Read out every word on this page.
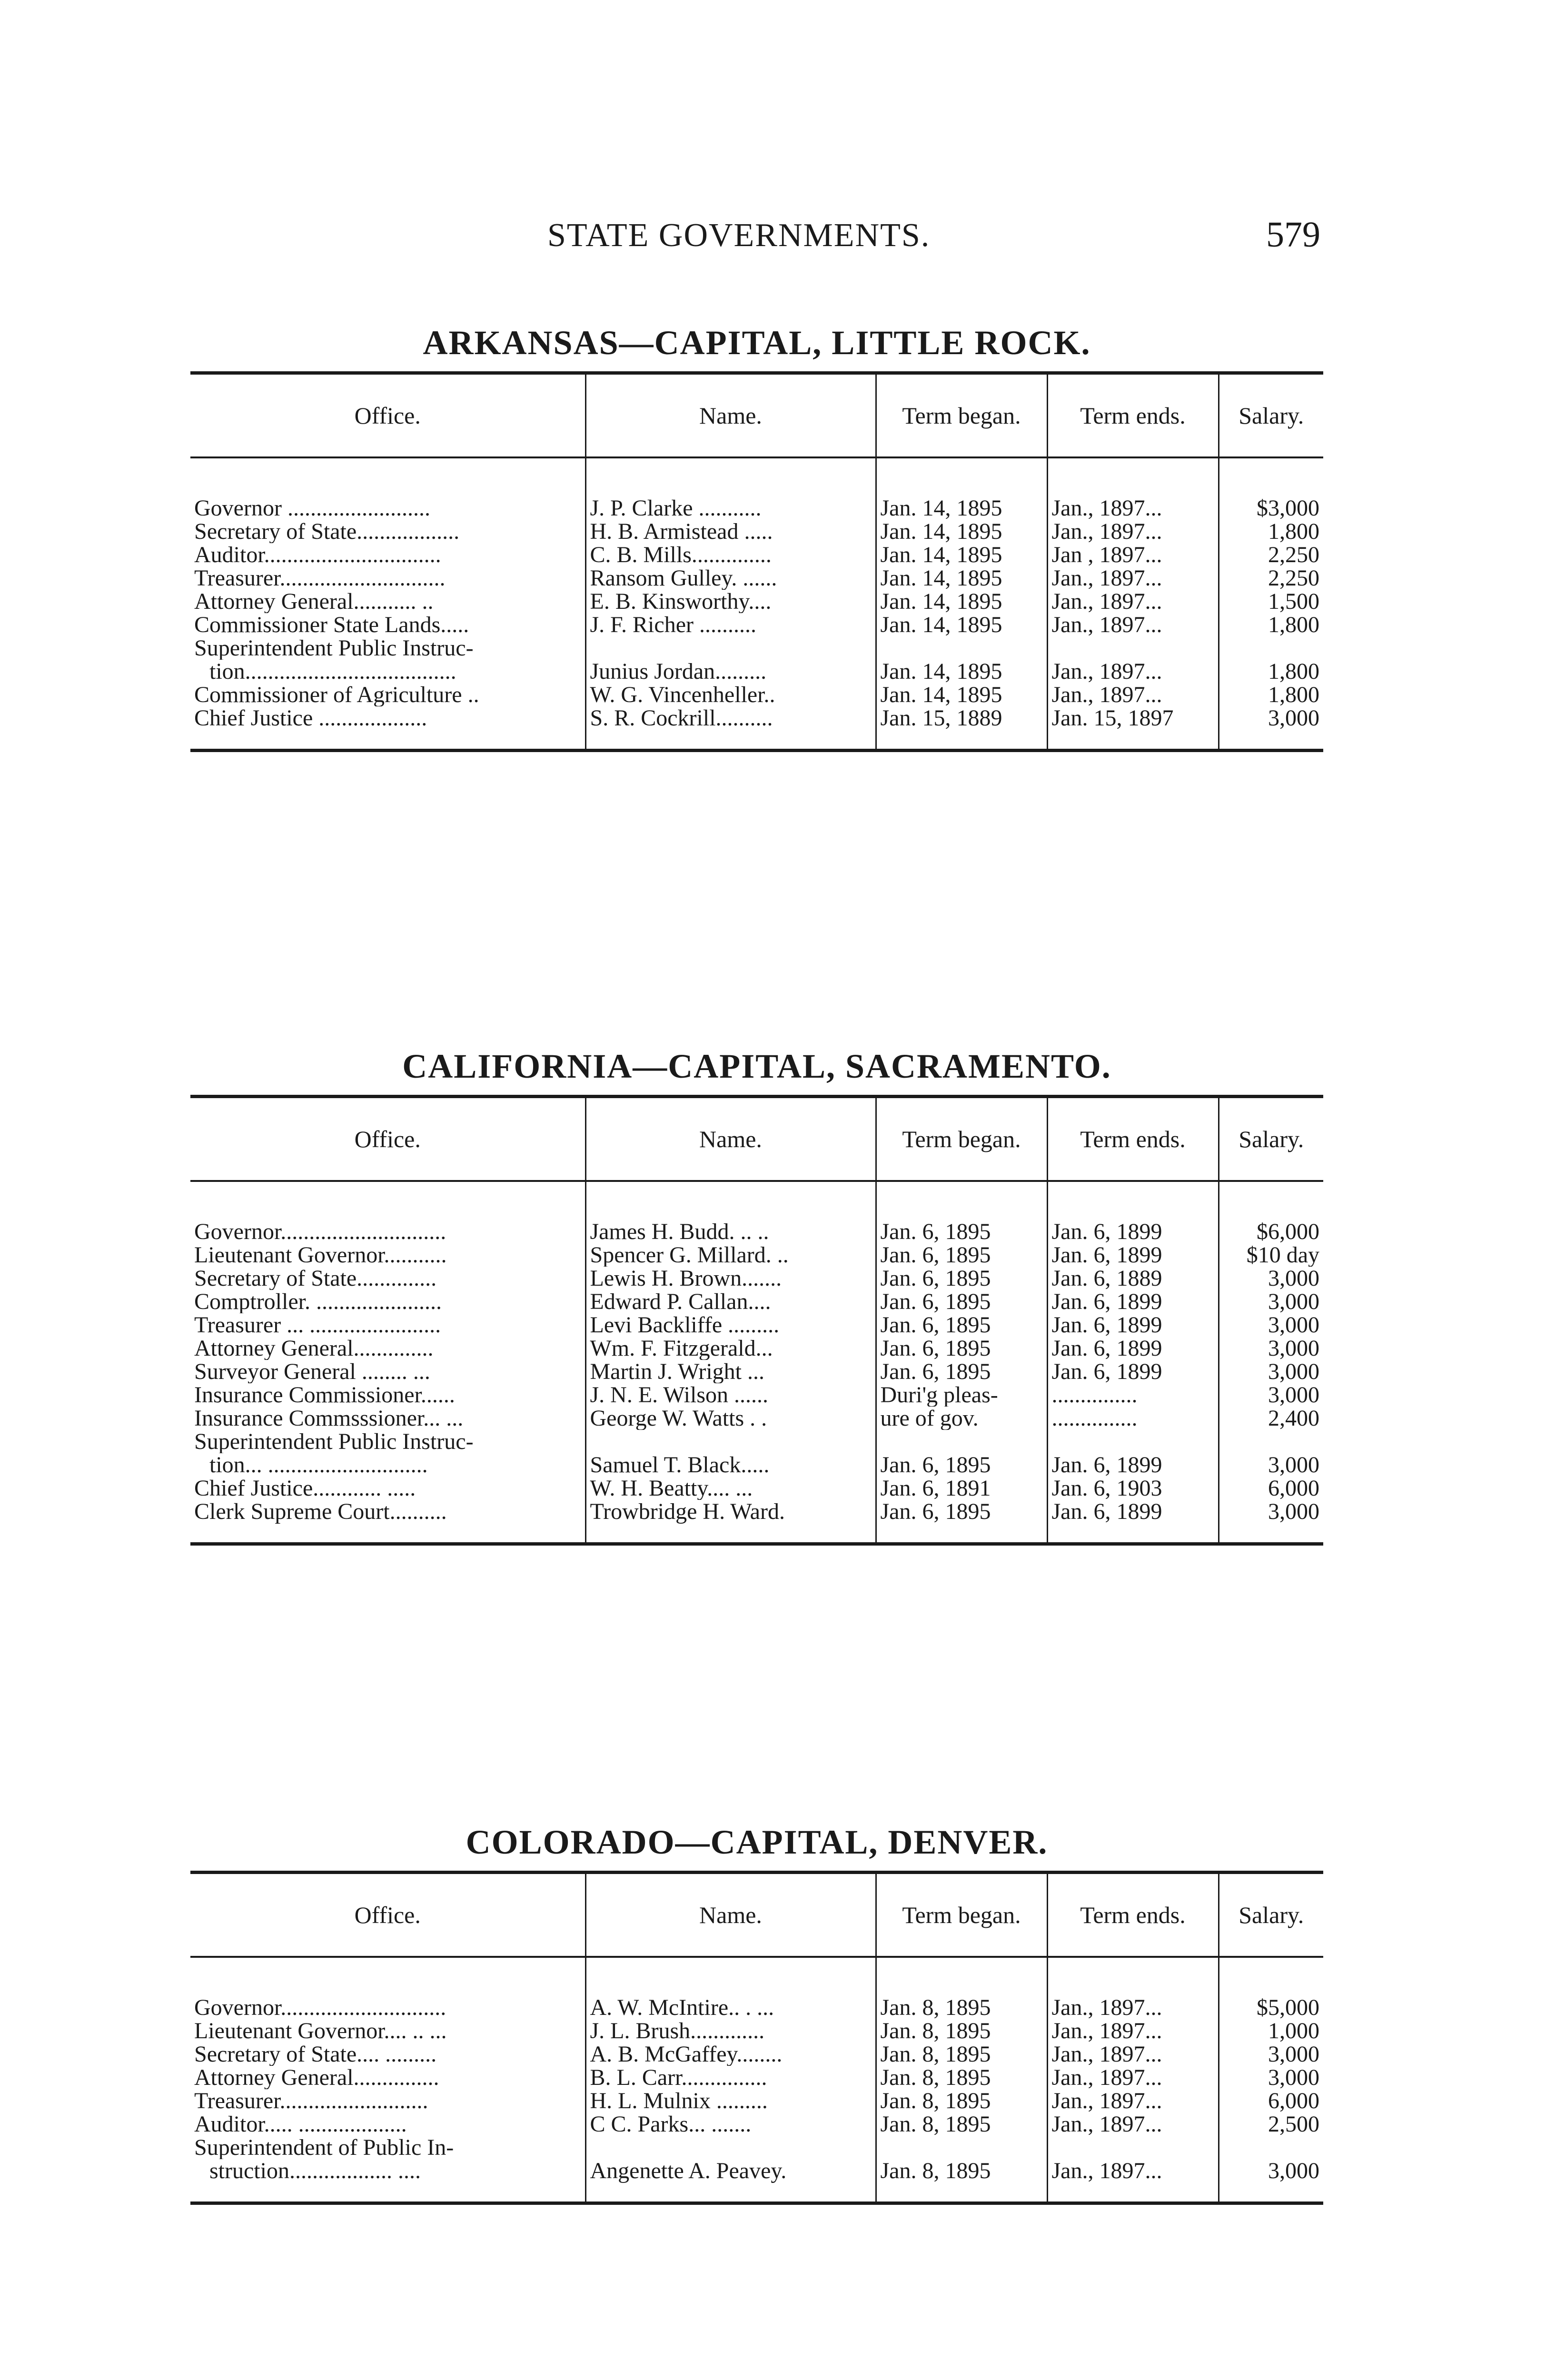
STATE GOVERNMENTS.	579
ARKANSAS—CAPITAL, LITTLE ROCK.
Office.	Name.	Term began.	Term ends.	Salary.

Governor .........................	J. P. Clarke ...........	Jan. 14, 1895	Jan., 1897...	$3,000
Secretary of State..................	H. B. Armistead .....	Jan. 14, 1895	Jan., 1897...	1,800
Auditor...............................	C. B. Mills..............	Jan. 14, 1895	Jan , 1897...	2,250
Treasurer.............................	Ransom Gulley. ......	Jan. 14, 1895	Jan., 1897...	2,250
Attorney General........... ..	E. B. Kinsworthy....	Jan. 14, 1895	Jan., 1897...	1,500
Commissioner State Lands.....	J. F. Richer ..........	Jan. 14, 1895	Jan., 1897...	1,800
Superintendent Public Instruc-				
tion.....................................	Junius Jordan.........	Jan. 14, 1895	Jan., 1897...	1,800
Commissioner of Agriculture ..	W. G. Vincenheller..	Jan. 14, 1895	Jan., 1897...	1,800
Chief Justice ...................	S. R. Cockrill..........	Jan. 15, 1889	Jan. 15, 1897	3,000
CALIFORNIA—CAPITAL, SACRAMENTO.
Office.	Name.	Term began.	Term ends.	Salary.

Governor.............................	James H. Budd. .. ..	Jan. 6, 1895	Jan. 6, 1899	$6,000
Lieutenant Governor...........	Spencer G. Millard. ..	Jan. 6, 1895	Jan. 6, 1899	$10 day
Secretary of State..............	Lewis H. Brown.......	Jan. 6, 1895	Jan. 6, 1889	3,000
Comptroller. ......................	Edward P. Callan....	Jan. 6, 1895	Jan. 6, 1899	3,000
Treasurer ... .......................	Levi Backliffe .........	Jan. 6, 1895	Jan. 6, 1899	3,000
Attorney General..............	Wm. F. Fitzgerald...	Jan. 6, 1895	Jan. 6, 1899	3,000
Surveyor General ........ ...	Martin J. Wright ...	Jan. 6, 1895	Jan. 6, 1899	3,000
Insurance Commissioner......	J. N. E. Wilson ......	Duri'g pleas-	...............	3,000
Insurance Commsssioner... ...	George W. Watts . .	ure of gov.	...............	2,400
Superintendent Public Instruc-				
tion... ............................	Samuel T. Black.....	Jan. 6, 1895	Jan. 6, 1899	3,000
Chief Justice............ .....	W. H. Beatty.... ...	Jan. 6, 1891	Jan. 6, 1903	6,000
Clerk Supreme Court..........	Trowbridge H. Ward.	Jan. 6, 1895	Jan. 6, 1899	3,000
COLORADO—CAPITAL, DENVER.
Office.	Name.	Term began.	Term ends.	Salary.

Governor.............................	A. W. McIntire.. . ...	Jan. 8, 1895	Jan., 1897...	$5,000
Lieutenant Governor.... .. ...	J. L. Brush.............	Jan. 8, 1895	Jan., 1897...	1,000
Secretary of State.... .........	A. B. McGaffey........	Jan. 8, 1895	Jan., 1897...	3,000
Attorney General...............	B. L. Carr...............	Jan. 8, 1895	Jan., 1897...	3,000
Treasurer..........................	H. L. Mulnix .........	Jan. 8, 1895	Jan., 1897...	6,000
Auditor..... ...................	C C. Parks... .......	Jan. 8, 1895	Jan., 1897...	2,500
Superintendent of Public In-				
struction.................. ....	Angenette A. Peavey.	Jan. 8, 1895	Jan., 1897...	3,000
